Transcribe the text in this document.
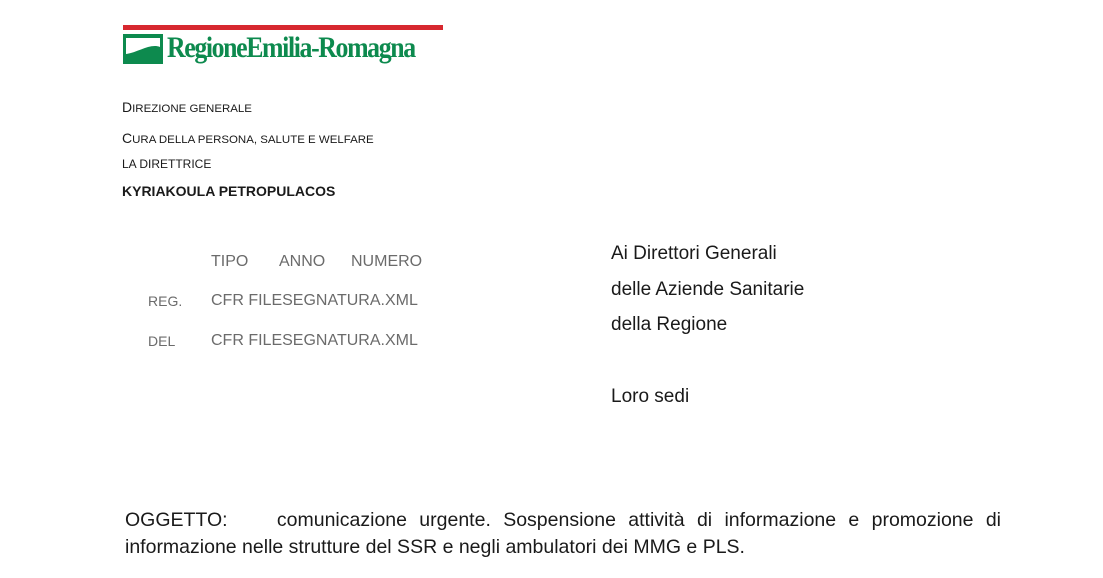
RegioneEmilia-Romagna
DIREZIONE GENERALE
CURA DELLA PERSONA, SALUTE E WELFARE
LA DIRETTRICE
KYRIAKOULA PETROPULACOS
TIPO ANNO NUMERO
REG. CFR FILESEGNATURA.XML
DEL CFR FILESEGNATURA.XML
Ai Direttori Generali
delle Aziende Sanitarie
della Regione
Loro sedi
OGGETTO:	comunicazione urgente. Sospensione attività di informazione e promozione di informazione nelle strutture del SSR e negli ambulatori dei MMG e PLS.
